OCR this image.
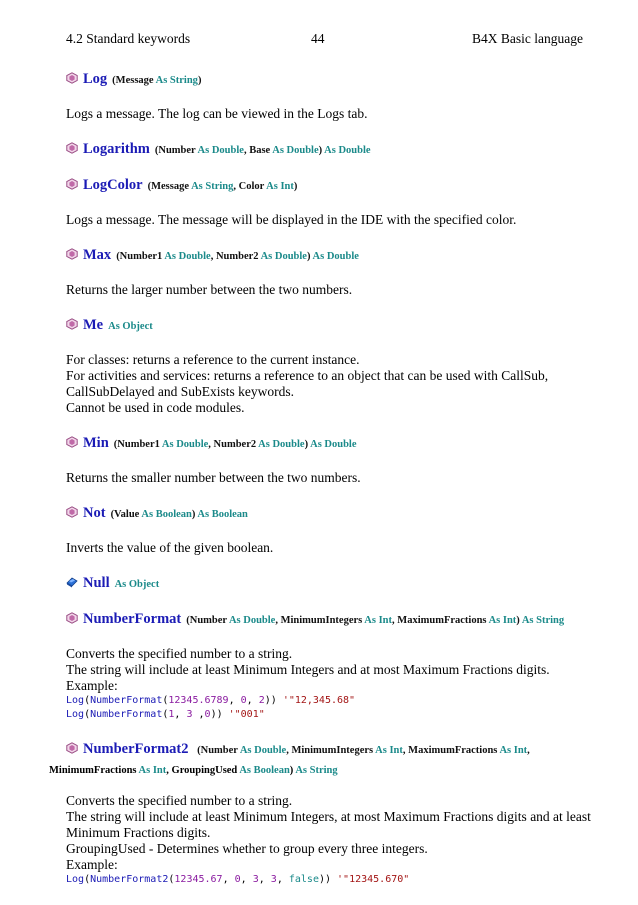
4.2 Standard keywords	44	B4X Basic language
Log (Message As String)
Logs a message. The log can be viewed in the Logs tab.
Logarithm (Number As Double, Base As Double) As Double
LogColor (Message As String, Color As Int)
Logs a message. The message will be displayed in the IDE with the specified color.
Max (Number1 As Double, Number2 As Double) As Double
Returns the larger number between the two numbers.
Me As Object
For classes: returns a reference to the current instance.
For activities and services: returns a reference to an object that can be used with CallSub,
CallSubDelayed and SubExists keywords.
Cannot be used in code modules.
Min (Number1 As Double, Number2 As Double) As Double
Returns the smaller number between the two numbers.
Not (Value As Boolean) As Boolean
Inverts the value of the given boolean.
Null As Object
NumberFormat (Number As Double, MinimumIntegers As Int, MaximumFractions As Int) As String
Converts the specified number to a string.
The string will include at least Minimum Integers and at most Maximum Fractions digits.
Example:
Log(NumberFormat(12345.6789, 0, 2)) '"12,345.68"
Log(NumberFormat(1, 3 ,0)) '"001"
NumberFormat2 (Number As Double, MinimumIntegers As Int, MaximumFractions As Int,
MinimumFractions As Int, GroupingUsed As Boolean) As String
Converts the specified number to a string.
The string will include at least Minimum Integers, at most Maximum Fractions digits and at least
Minimum Fractions digits.
GroupingUsed - Determines whether to group every three integers.
Example:
Log(NumberFormat2(12345.67, 0, 3, 3, false)) '"12345.670"
